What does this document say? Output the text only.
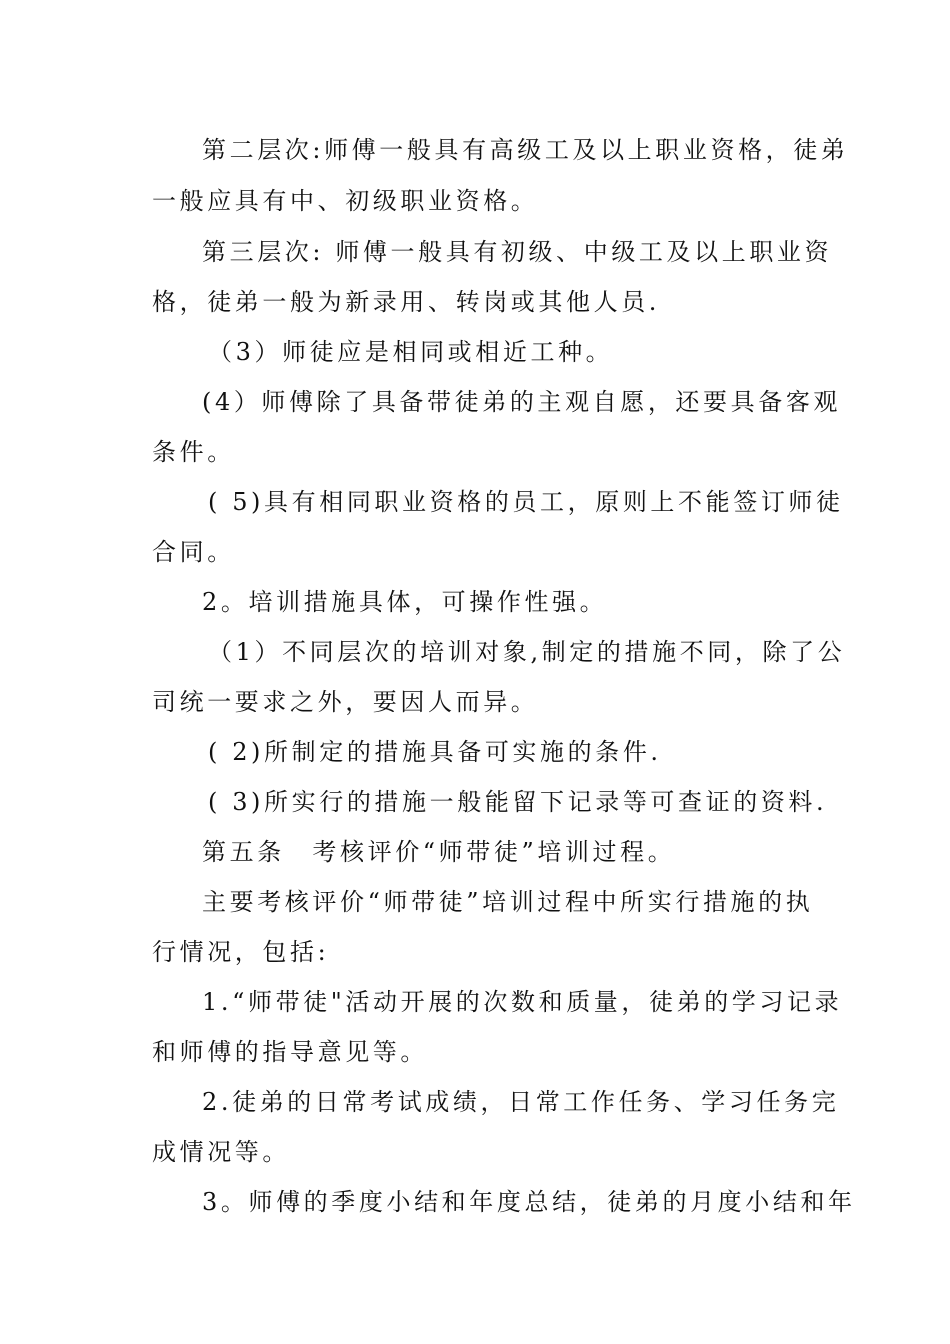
第二层次:师傅一般具有高级工及以上职业资格，徒弟
一般应具有中、初级职业资格。
第三层次: 师傅一般具有初级、中级工及以上职业资
格，徒弟一般为新录用、转岗或其他人员.
（3）师徒应是相同或相近工种。
(4）师傅除了具备带徒弟的主观自愿，还要具备客观
条件。
( 5)具有相同职业资格的员工，原则上不能签订师徒
合同。
2。培训措施具体，可操作性强。
（1）不同层次的培训对象,制定的措施不同，除了公
司统一要求之外，要因人而异。
( 2)所制定的措施具备可实施的条件.
( 3)所实行的措施一般能留下记录等可查证的资料.
第五条　考核评价“师带徒”培训过程。
主要考核评价“师带徒”培训过程中所实行措施的执
行情况，包括:
1.“师带徒"活动开展的次数和质量，徒弟的学习记录
和师傅的指导意见等。
2.徒弟的日常考试成绩，日常工作任务、学习任务完
成情况等。
3。师傅的季度小结和年度总结，徒弟的月度小结和年
